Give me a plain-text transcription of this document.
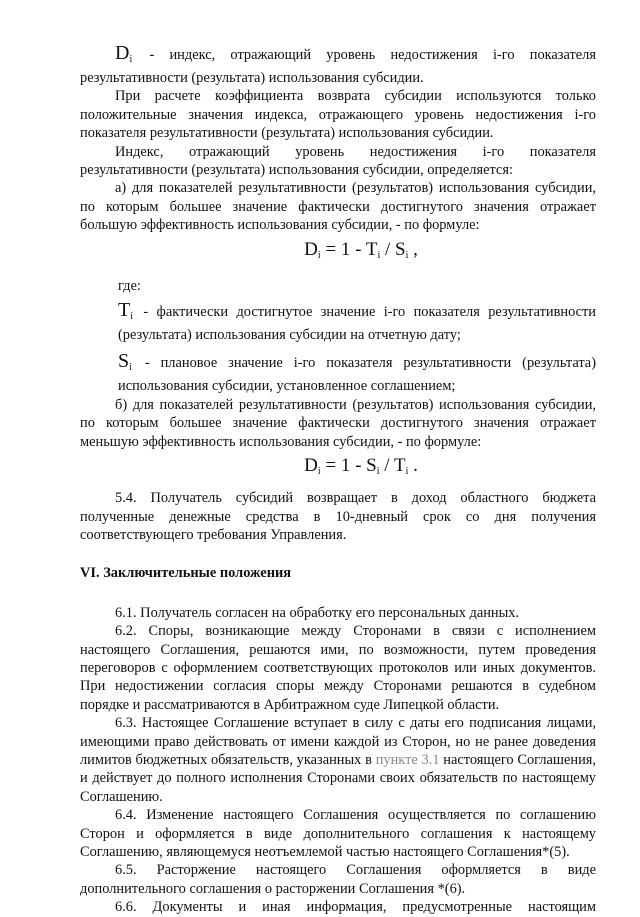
$D_i$ - индекс, отражающий уровень недостижения i-го показателя результативности (результата) использования субсидии.

При расчете коэффициента возврата субсидии используются только положительные значения индекса, отражающего уровень недостижения i-го показателя результативности (результата) использования субсидии.

Индекс, отражающий уровень недостижения i-го показателя результативности (результата) использования субсидии, определяется:

а) для показателей результативности (результатов) использования субсидии, по которым большее значение фактически достигнутого значения отражает большую эффективность использования субсидии, - по формуле:

$D_i = 1 - T_i / S_i$ ,

где:

$T_i$ - фактически достигнутое значение i-го показателя результативности (результата) использования субсидии на отчетную дату;

$S_i$ - плановое значение i-го показателя результативности (результата) использования субсидии, установленное соглашением;

б) для показателей результативности (результатов) использования субсидии, по которым большее значение фактически достигнутого значения отражает меньшую эффективность использования субсидии, - по формуле:

$D_i = 1 - S_i / T_i$ .

5.4. Получатель субсидий возвращает в доход областного бюджета полученные денежные средства в 10-дневный срок со дня получения соответствующего требования Управления.

VI. Заключительные положения

6.1. Получатель согласен на обработку его персональных данных.

6.2. Споры, возникающие между Сторонами в связи с исполнением настоящего Соглашения, решаются ими, по возможности, путем проведения переговоров с оформлением соответствующих протоколов или иных документов. При недостижении согласия споры между Сторонами решаются в судебном порядке и рассматриваются в Арбитражном суде Липецкой области.

6.3. Настоящее Соглашение вступает в силу с даты его подписания лицами, имеющими право действовать от имени каждой из Сторон, но не ранее доведения лимитов бюджетных обязательств, указанных в пункте 3.1 настоящего Соглашения, и действует до полного исполнения Сторонами своих обязательств по настоящему Соглашению.

6.4. Изменение настоящего Соглашения осуществляется по соглашению Сторон и оформляется в виде дополнительного соглашения к настоящему Соглашению, являющемуся неотъемлемой частью настоящего Соглашения*(5).

6.5. Расторжение настоящего Соглашения оформляется в виде дополнительного соглашения о расторжении Соглашения *(6).

6.6. Документы и иная информация, предусмотренные настоящим
